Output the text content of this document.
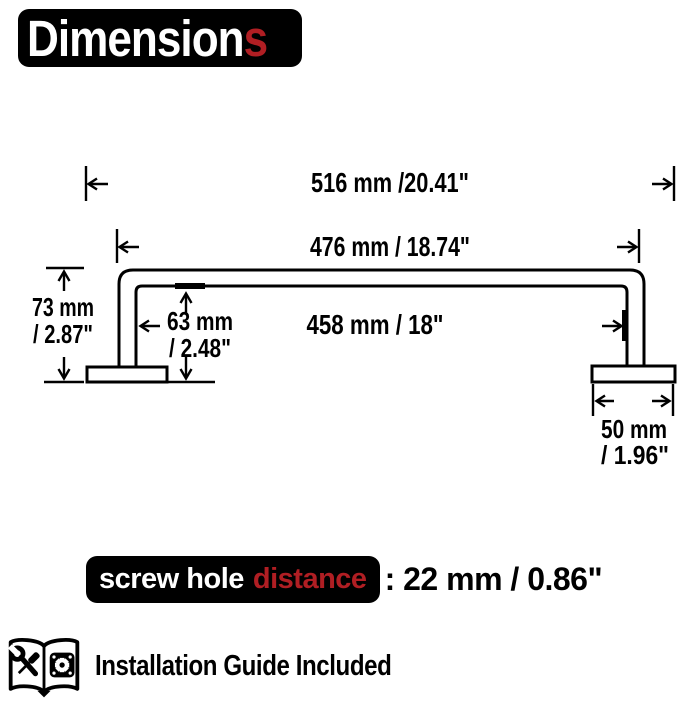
Dimensions
516 mm /20.41"
476 mm / 18.74"
458 mm / 18"
73 mm
/ 2.87"	63 mm
/ 2.48"
50 mm
/ 1.96"
screw hole distance : 22 mm / 0.86"
Installation Guide Included
